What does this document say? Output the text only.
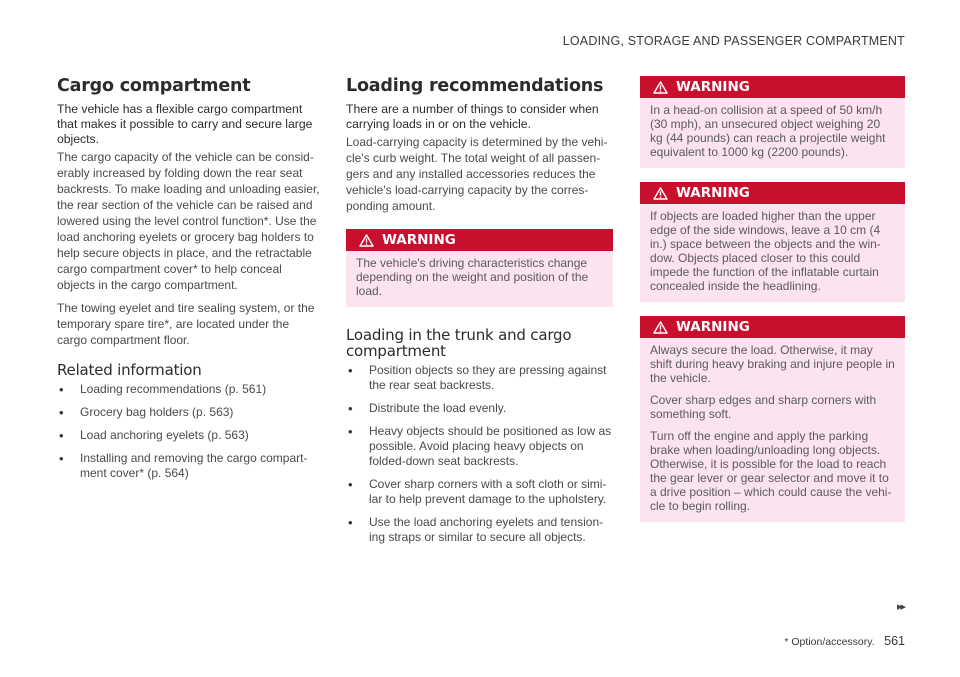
LOADING, STORAGE AND PASSENGER COMPARTMENT
Cargo compartment

The vehicle has a flexible cargo compartment that makes it possible to carry and secure large objects.

The cargo capacity of the vehicle can be consid-erably increased by folding down the rear seat backrests. To make loading and unloading easier, the rear section of the vehicle can be raised and lowered using the level control function*. Use the load anchoring eyelets or grocery bag holders to help secure objects in place, and the retractable cargo compartment cover* to help conceal objects in the cargo compartment.

The towing eyelet and tire sealing system, or the temporary spare tire*, are located under the cargo compartment floor.

Related information
• Loading recommendations (p. 561)
• Grocery bag holders (p. 563)
• Load anchoring eyelets (p. 563)
• Installing and removing the cargo compart-ment cover* (p. 564)
Loading recommendations

There are a number of things to consider when carrying loads in or on the vehicle.

Load-carrying capacity is determined by the vehi-cle's curb weight. The total weight of all passen-gers and any installed accessories reduces the vehicle's load-carrying capacity by the corres-ponding amount.

WARNING

The vehicle's driving characteristics change depending on the weight and position of the load.

Loading in the trunk and cargo compartment
• Position objects so they are pressing against the rear seat backrests.
• Distribute the load evenly.
• Heavy objects should be positioned as low as possible. Avoid placing heavy objects on folded-down seat backrests.
• Cover sharp corners with a soft cloth or simi-lar to help prevent damage to the upholstery.
• Use the load anchoring eyelets and tension-ing straps or similar to secure all objects.
WARNING

In a head-on collision at a speed of 50 km/h (30 mph), an unsecured object weighing 20 kg (44 pounds) can reach a projectile weight equivalent to 1000 kg (2200 pounds).

WARNING

If objects are loaded higher than the upper edge of the side windows, leave a 10 cm (4 in.) space between the objects and the win-dow. Objects placed closer to this could impede the function of the inflatable curtain concealed inside the headlining.

WARNING

Always secure the load. Otherwise, it may shift during heavy braking and injure people in the vehicle.

Cover sharp edges and sharp corners with something soft.

Turn off the engine and apply the parking brake when loading/unloading long objects. Otherwise, it is possible for the load to reach the gear lever or gear selector and move it to a drive position – which could cause the vehi-cle to begin rolling.

▸▸
* Option/accessory. 561
